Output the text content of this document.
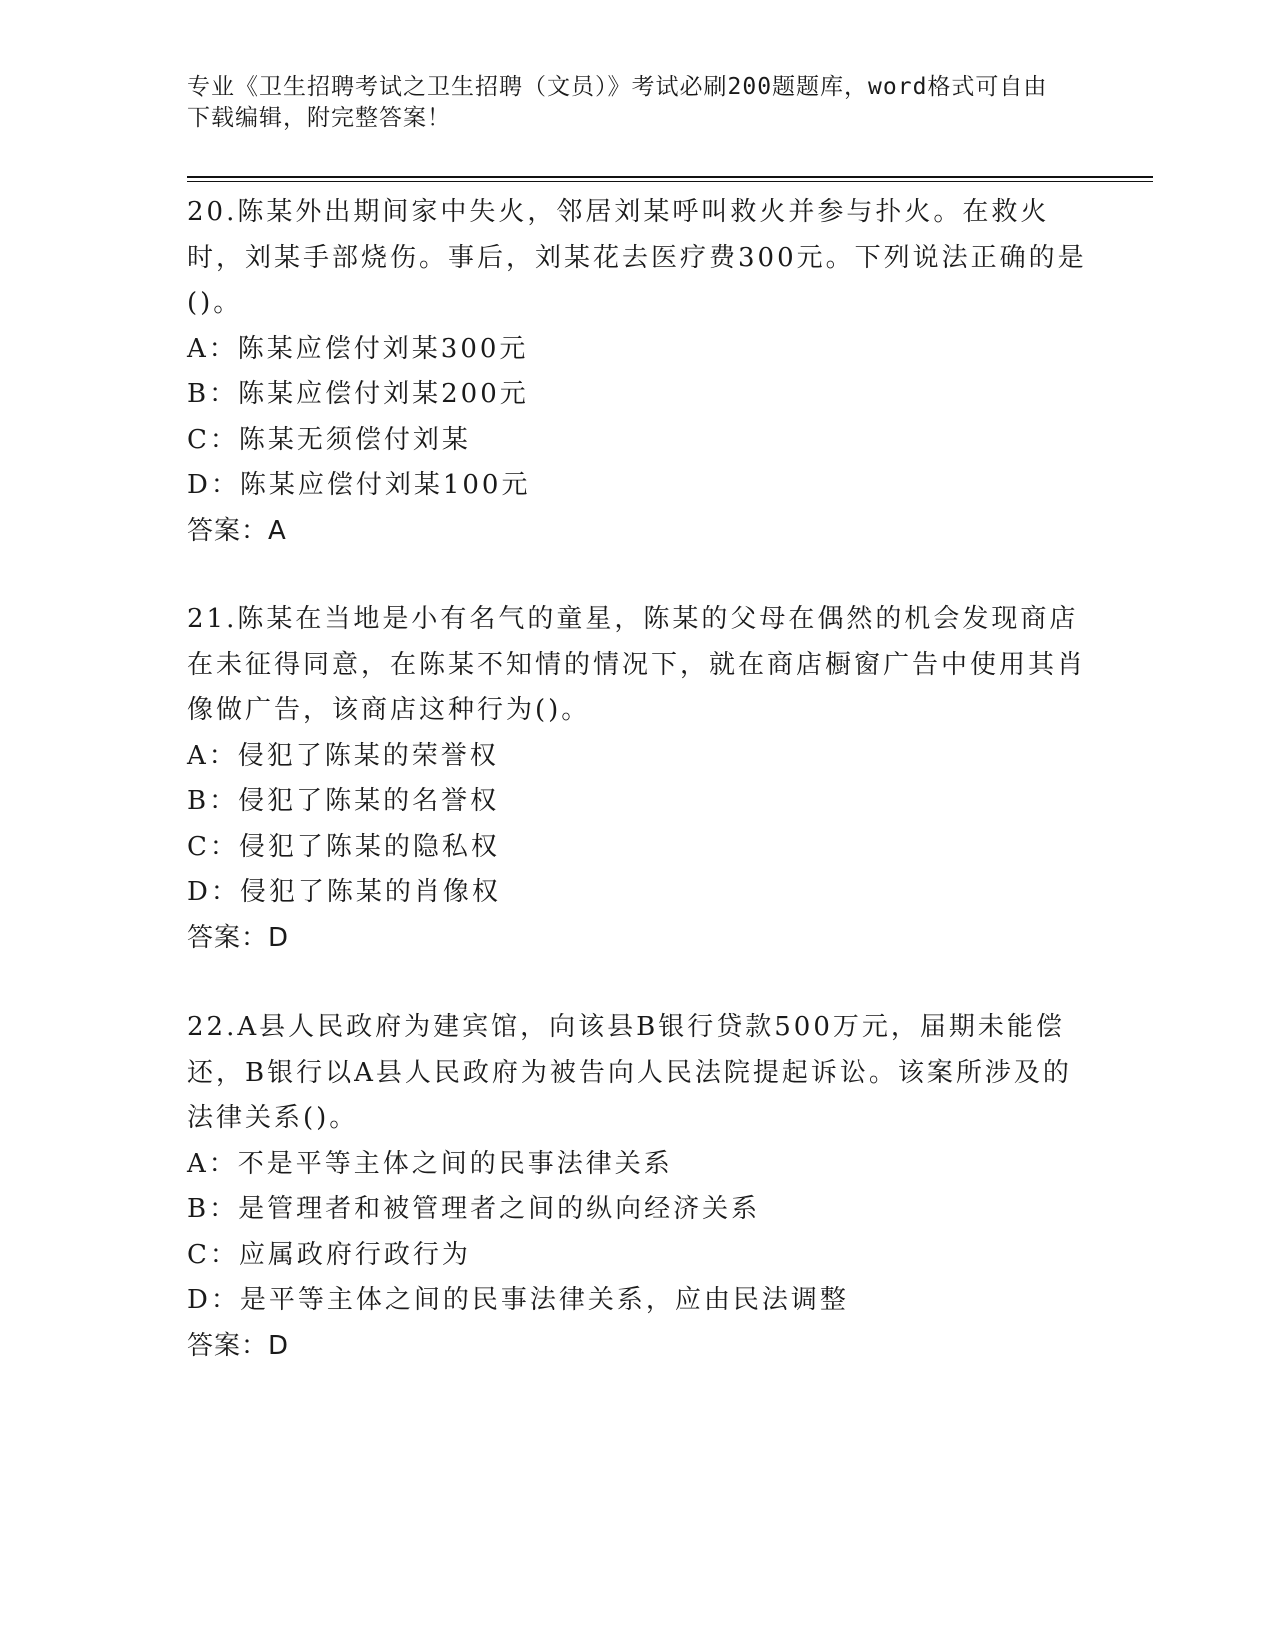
专业《卫生招聘考试之卫生招聘（文员）》考试必刷200题题库，word格式可自由下载编辑，附完整答案！

20.陈某外出期间家中失火，邻居刘某呼叫救火并参与扑火。在救火时，刘某手部烧伤。事后，刘某花去医疗费300元。下列说法正确的是()。

A：陈某应偿付刘某300元

B：陈某应偿付刘某200元

C：陈某无须偿付刘某

D：陈某应偿付刘某100元

答案：A

21.陈某在当地是小有名气的童星，陈某的父母在偶然的机会发现商店在未征得同意，在陈某不知情的情况下，就在商店橱窗广告中使用其肖像做广告，该商店这种行为()。

A：侵犯了陈某的荣誉权

B：侵犯了陈某的名誉权

C：侵犯了陈某的隐私权

D：侵犯了陈某的肖像权

答案：D

22.A县人民政府为建宾馆，向该县B银行贷款500万元，届期未能偿还，B银行以A县人民政府为被告向人民法院提起诉讼。该案所涉及的法律关系()。

A：不是平等主体之间的民事法律关系

B：是管理者和被管理者之间的纵向经济关系

C：应属政府行政行为

D：是平等主体之间的民事法律关系，应由民法调整

答案：D
